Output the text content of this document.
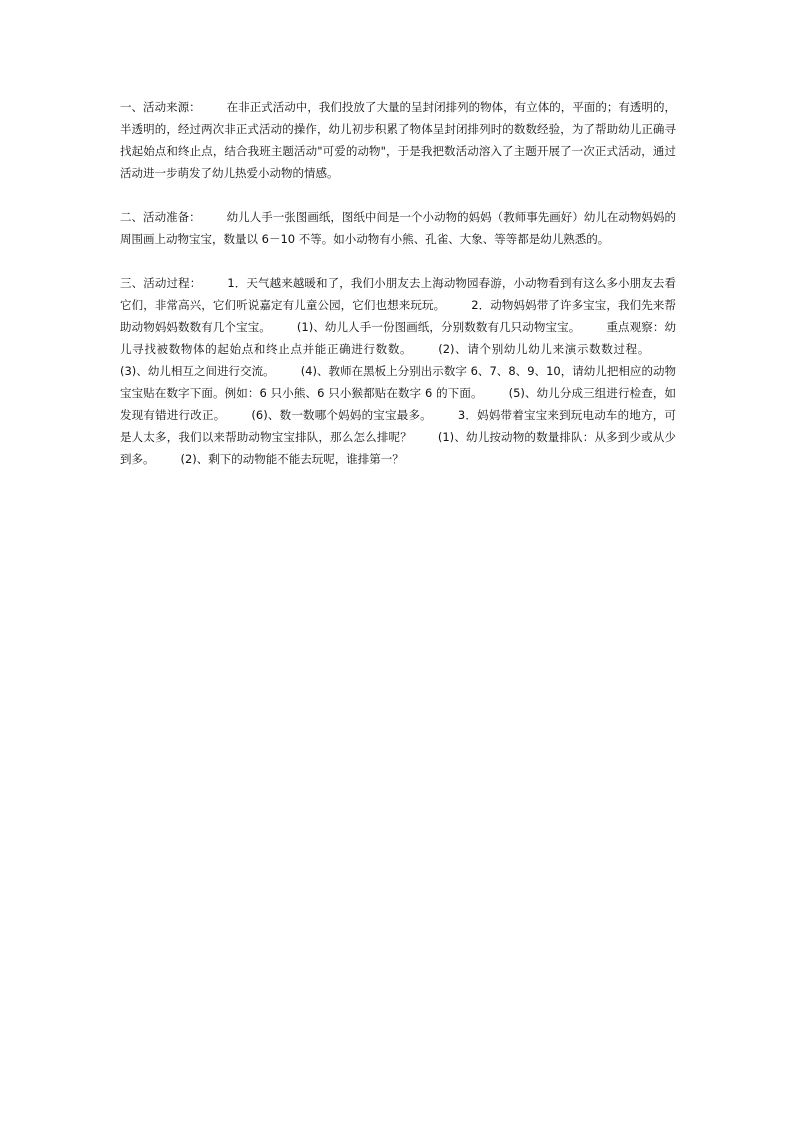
一、活动来源： 在非正式活动中，我们投放了大量的呈封闭排列的物体，有立体的，平面的；有透明的，半透明的，经过两次非正式活动的操作，幼儿初步积累了物体呈封闭排列时的数数经验，为了帮助幼儿正确寻找起始点和终止点，结合我班主题活动"可爱的动物"，于是我把数活动溶入了主题开展了一次正式活动，通过活动进一步萌发了幼儿热爱小动物的情感。

二、活动准备： 幼儿人手一张图画纸，图纸中间是一个小动物的妈妈（教师事先画好）幼儿在动物妈妈的周围画上动物宝宝，数量以 6－10 不等。如小动物有小熊、孔雀、大象、等等都是幼儿熟悉的。

三、活动过程： 1．天气越来越暖和了，我们小朋友去上海动物园春游，小动物看到有这么多小朋友去看它们，非常高兴，它们听说嘉定有儿童公园，它们也想来玩玩。 2．动物妈妈带了许多宝宝，我们先来帮助动物妈妈数数有几个宝宝。 (1)、幼儿人手一份图画纸，分别数数有几只动物宝宝。 重点观察：幼儿寻找被数物体的起始点和终止点并能正确进行数数。 (2)、请个别幼儿幼儿来演示数数过程。(3)、幼儿相互之间进行交流。 (4)、教师在黑板上分别出示数字 6、7、8、9、10，请幼儿把相应的动物宝宝贴在数字下面。例如：6 只小熊、6 只小猴都贴在数字 6 的下面。 (5)、幼儿分成三组进行检查，如发现有错进行改正。 (6)、数一数哪个妈妈的宝宝最多。 3．妈妈带着宝宝来到玩电动车的地方，可是人太多，我们以来帮助动物宝宝排队，那么怎么排呢？ (1)、幼儿按动物的数量排队：从多到少或从少到多。 (2)、剩下的动物能不能去玩呢，谁排第一？
